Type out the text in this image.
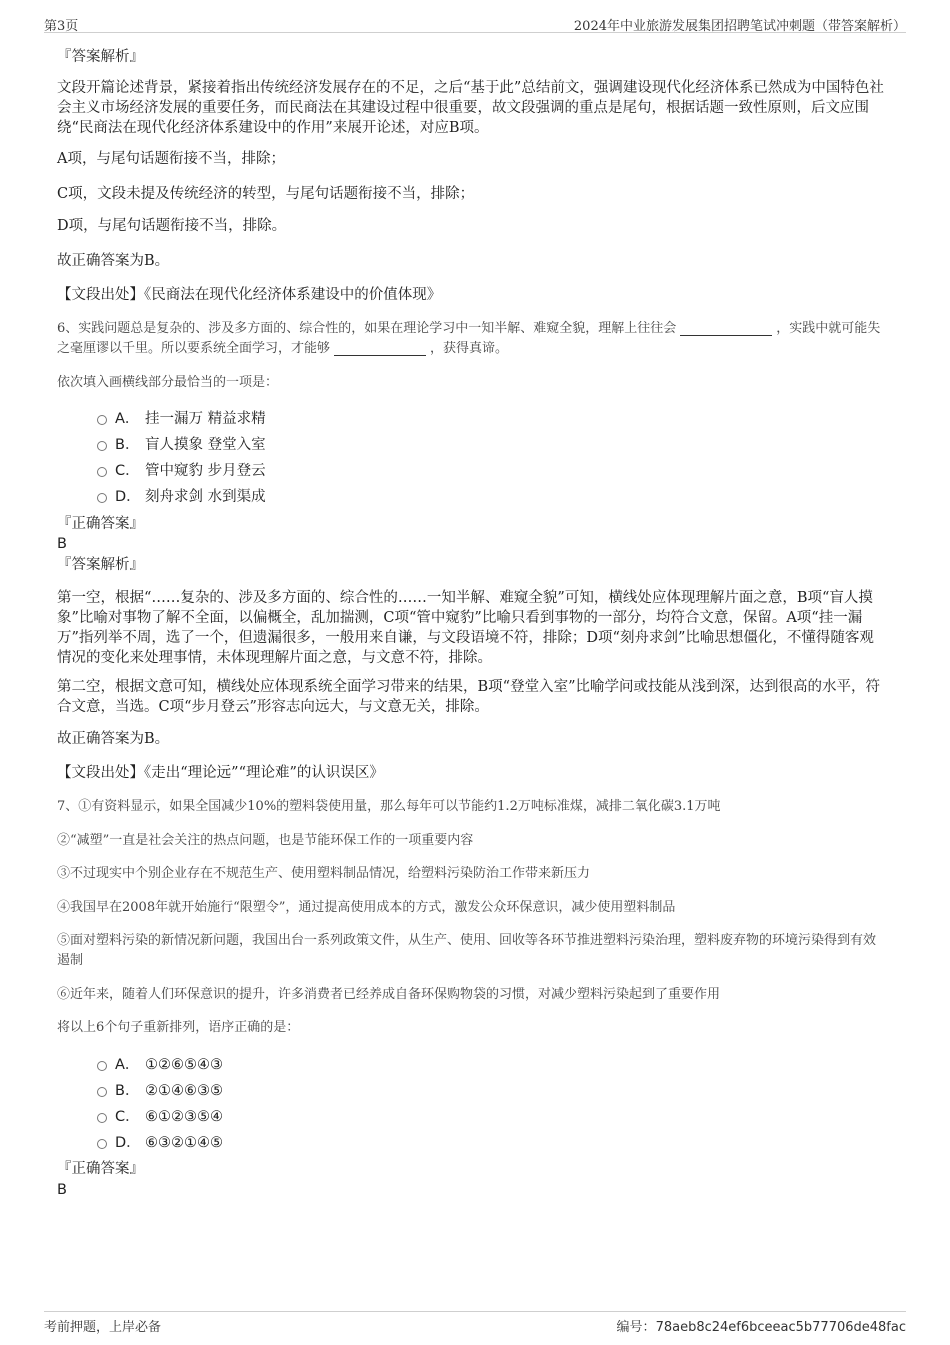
第3页	2024年中业旅游发展集团招聘笔试冲刺题（带答案解析）
『答案解析』
文段开篇论述背景，紧接着指出传统经济发展存在的不足，之后“基于此”总结前文，强调建设现代化经济体系已然成为中国特色社会主义市场经济发展的重要任务，而民商法在其建设过程中很重要，故文段强调的重点是尾句，根据话题一致性原则，后文应围绕“民商法在现代化经济体系建设中的作用”来展开论述，对应B项。
A项，与尾句话题衔接不当，排除；
C项，文段未提及传统经济的转型，与尾句话题衔接不当，排除；
D项，与尾句话题衔接不当，排除。
故正确答案为B。
【文段出处】《民商法在现代化经济体系建设中的价值体现》
6、实践问题总是复杂的、涉及多方面的、综合性的，如果在理论学习中一知半解、难窥全貌，理解上往往会	，实践中就可能失之毫厘谬以千里。所以要系统全面学习，才能够	，获得真谛。
依次填入画横线部分最恰当的一项是：
A． 挂一漏万 精益求精
B． 盲人摸象 登堂入室
C． 管中窥豹 步月登云
D． 刻舟求剑 水到渠成
『正确答案』
B
『答案解析』
第一空，根据“……复杂的、涉及多方面的、综合性的……一知半解、难窥全貌”可知，横线处应体现理解片面之意，B项“盲人摸象”比喻对事物了解不全面，以偏概全，乱加揣测，C项“管中窥豹”比喻只看到事物的一部分，均符合文意，保留。A项“挂一漏万”指列举不周，选了一个，但遗漏很多，一般用来自谦，与文段语境不符，排除；D项“刻舟求剑”比喻思想僵化，不懂得随客观情况的变化来处理事情，未体现理解片面之意，与文意不符，排除。
第二空，根据文意可知，横线处应体现系统全面学习带来的结果，B项“登堂入室”比喻学问或技能从浅到深，达到很高的水平，符合文意，当选。C项“步月登云”形容志向远大，与文意无关，排除。
故正确答案为B。
【文段出处】《走出“理论远”“理论难”的认识误区》
7、①有资料显示，如果全国减少10%的塑料袋使用量，那么每年可以节能约1.2万吨标准煤，减排二氧化碳3.1万吨
②“减塑”一直是社会关注的热点问题，也是节能环保工作的一项重要内容
③不过现实中个别企业存在不规范生产、使用塑料制品情况，给塑料污染防治工作带来新压力
④我国早在2008年就开始施行“限塑令”，通过提高使用成本的方式，激发公众环保意识，减少使用塑料制品
⑤面对塑料污染的新情况新问题，我国出台一系列政策文件，从生产、使用、回收等各环节推进塑料污染治理，塑料废弃物的环境污染得到有效遏制
⑥近年来，随着人们环保意识的提升，许多消费者已经养成自备环保购物袋的习惯，对减少塑料污染起到了重要作用
将以上6个句子重新排列，语序正确的是：
A． ①②⑥⑤④③
B． ②①④⑥③⑤
C． ⑥①②③⑤④
D． ⑥③②①④⑤
『正确答案』
B
考前押题，上岸必备	编号：78aeb8c24ef6bceeac5b77706de48fac
